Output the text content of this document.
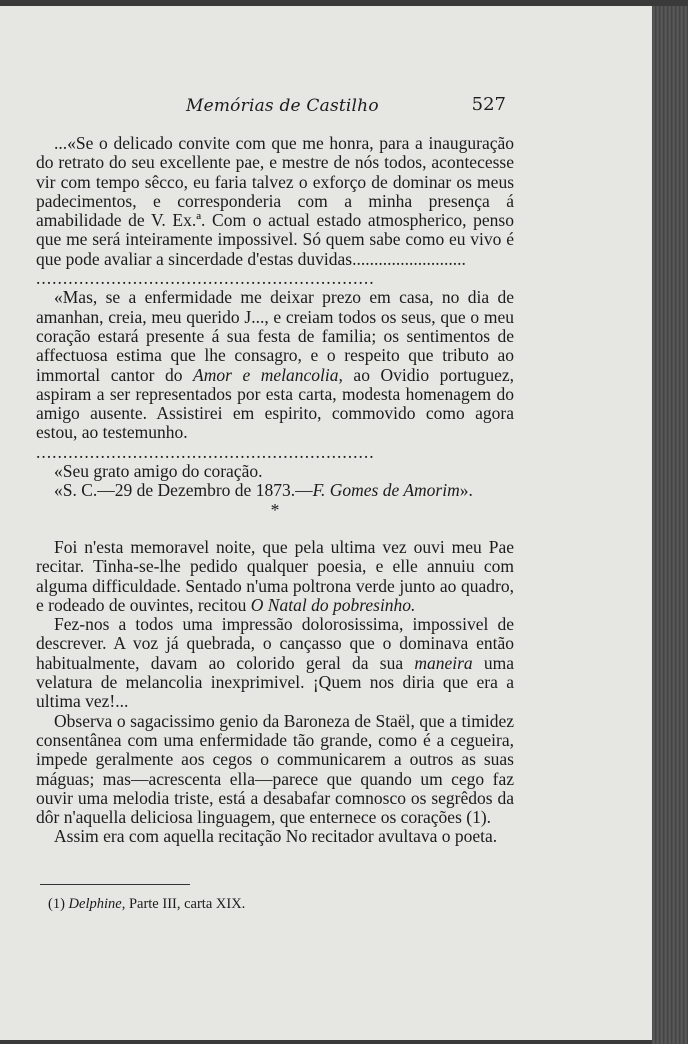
Memórias de Castilho	527

...«Se o delicado convite com que me honra, para a inauguração do retrato do seu excellente pae, e mestre de nós todos, acontecesse vir com tempo sêcco, eu faria talvez o exforço de dominar os meus padecimentos, e corresponderia com a minha presença á amabilidade de V. Ex.ª. Com o actual estado atmospherico, penso que me será inteiramente impossivel. Só quem sabe como eu vivo é que pode avaliar a sincerdade d'estas duvidas..........................

...............................................................

«Mas, se a enfermidade me deixar prezo em casa, no dia de amanhan, creia, meu querido J..., e creiam todos os seus, que o meu coração estará presente á sua festa de familia; os sentimentos de affectuosa estima que lhe consagro, e o respeito que tributo ao immortal cantor do Amor e melancolia, ao Ovidio portuguez, aspiram a ser representados por esta carta, modesta homenagem do amigo ausente. Assistirei em espirito, commovido como agora estou, ao testemunho.

...............................................................

«Seu grato amigo do coração.

«S. C.—29 de Dezembro de 1873.—F. Gomes de Amorim».

*

Foi n'esta memoravel noite, que pela ultima vez ouvi meu Pae recitar. Tinha-se-lhe pedido qualquer poesia, e elle annuiu com alguma difficuldade. Sentado n'uma poltrona verde junto ao quadro, e rodeado de ouvintes, recitou O Natal do pobresinho.

Fez-nos a todos uma impressão dolorosissima, impossivel de descrever. A voz já quebrada, o cançasso que o dominava então habitualmente, davam ao colorido geral da sua maneira uma velatura de melancolia inexprimivel. ¡Quem nos diria que era a ultima vez!...

Observa o sagacissimo genio da Baroneza de Staël, que a timidez consentânea com uma enfermidade tão grande, como é a cegueira, impede geralmente aos cegos o communicarem a outros as suas máguas; mas—acrescenta ella—parece que quando um cego faz ouvir uma melodia triste, está a desabafar comnosco os segrêdos da dôr n'aquella deliciosa linguagem, que enternece os corações (1).

Assim era com aquella recitação No recitador avultava o poeta.

(1) Delphine, Parte III, carta XIX.
